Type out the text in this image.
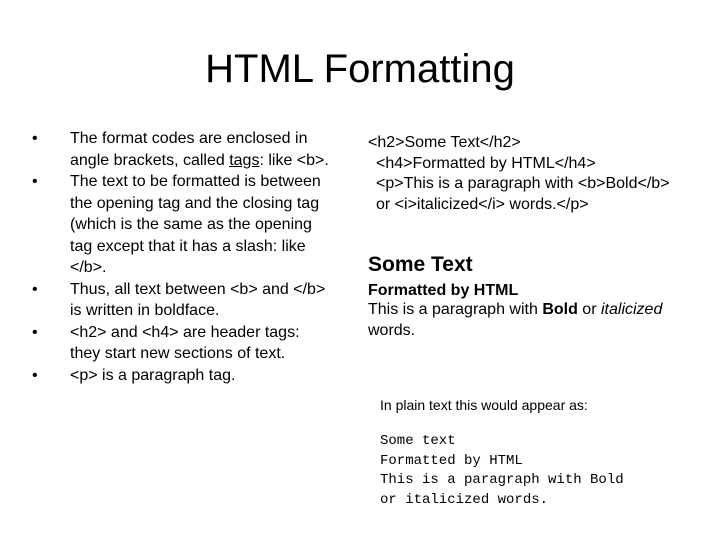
HTML Formatting
• The format codes are enclosed in angle brackets, called tags: like <b>.
• The text to be formatted is between the opening tag and the closing tag (which is the same as the opening tag except that it has a slash: like </b>.
• Thus, all text between <b> and </b> is written in boldface.
• <h2> and <h4> are header tags: they start new sections of text.
• <p> is a paragraph tag.
<h2>Some Text</h2>
<h4>Formatted by HTML</h4>
<p>This is a paragraph with <b>Bold</b>
or <i>italicized</i> words.</p>
Some Text
Formatted by HTML
This is a paragraph with Bold or italicized words.
In plain text this would appear as:
Some text
Formatted by HTML
This is a paragraph with Bold
or italicized words.
